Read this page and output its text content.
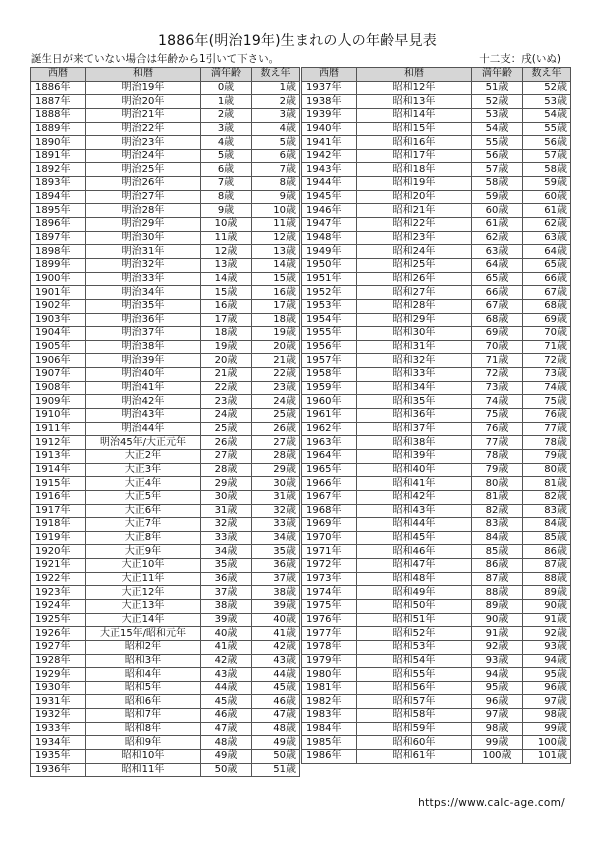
1886年(明治19年)生まれの人の年齢早見表
誕生日が来ていない場合は年齢から1引いて下さい。	十二支：戌(いぬ)
西暦	和暦	満年齢	数え年
1886年	明治19年	0歳	1歳
1887年	明治20年	1歳	2歳
1888年	明治21年	2歳	3歳
1889年	明治22年	3歳	4歳
1890年	明治23年	4歳	5歳
1891年	明治24年	5歳	6歳
1892年	明治25年	6歳	7歳
1893年	明治26年	7歳	8歳
1894年	明治27年	8歳	9歳
1895年	明治28年	9歳	10歳
1896年	明治29年	10歳	11歳
1897年	明治30年	11歳	12歳
1898年	明治31年	12歳	13歳
1899年	明治32年	13歳	14歳
1900年	明治33年	14歳	15歳
1901年	明治34年	15歳	16歳
1902年	明治35年	16歳	17歳
1903年	明治36年	17歳	18歳
1904年	明治37年	18歳	19歳
1905年	明治38年	19歳	20歳
1906年	明治39年	20歳	21歳
1907年	明治40年	21歳	22歳
1908年	明治41年	22歳	23歳
1909年	明治42年	23歳	24歳
1910年	明治43年	24歳	25歳
1911年	明治44年	25歳	26歳
1912年	明治45年/大正元年	26歳	27歳
1913年	大正2年	27歳	28歳
1914年	大正3年	28歳	29歳
1915年	大正4年	29歳	30歳
1916年	大正5年	30歳	31歳
1917年	大正6年	31歳	32歳
1918年	大正7年	32歳	33歳
1919年	大正8年	33歳	34歳
1920年	大正9年	34歳	35歳
1921年	大正10年	35歳	36歳
1922年	大正11年	36歳	37歳
1923年	大正12年	37歳	38歳
1924年	大正13年	38歳	39歳
1925年	大正14年	39歳	40歳
1926年	大正15年/昭和元年	40歳	41歳
1927年	昭和2年	41歳	42歳
1928年	昭和3年	42歳	43歳
1929年	昭和4年	43歳	44歳
1930年	昭和5年	44歳	45歳
1931年	昭和6年	45歳	46歳
1932年	昭和7年	46歳	47歳
1933年	昭和8年	47歳	48歳
1934年	昭和9年	48歳	49歳
1935年	昭和10年	49歳	50歳
1936年	昭和11年	50歳	51歳
西暦	和暦	満年齢	数え年
1937年	昭和12年	51歳	52歳
1938年	昭和13年	52歳	53歳
1939年	昭和14年	53歳	54歳
1940年	昭和15年	54歳	55歳
1941年	昭和16年	55歳	56歳
1942年	昭和17年	56歳	57歳
1943年	昭和18年	57歳	58歳
1944年	昭和19年	58歳	59歳
1945年	昭和20年	59歳	60歳
1946年	昭和21年	60歳	61歳
1947年	昭和22年	61歳	62歳
1948年	昭和23年	62歳	63歳
1949年	昭和24年	63歳	64歳
1950年	昭和25年	64歳	65歳
1951年	昭和26年	65歳	66歳
1952年	昭和27年	66歳	67歳
1953年	昭和28年	67歳	68歳
1954年	昭和29年	68歳	69歳
1955年	昭和30年	69歳	70歳
1956年	昭和31年	70歳	71歳
1957年	昭和32年	71歳	72歳
1958年	昭和33年	72歳	73歳
1959年	昭和34年	73歳	74歳
1960年	昭和35年	74歳	75歳
1961年	昭和36年	75歳	76歳
1962年	昭和37年	76歳	77歳
1963年	昭和38年	77歳	78歳
1964年	昭和39年	78歳	79歳
1965年	昭和40年	79歳	80歳
1966年	昭和41年	80歳	81歳
1967年	昭和42年	81歳	82歳
1968年	昭和43年	82歳	83歳
1969年	昭和44年	83歳	84歳
1970年	昭和45年	84歳	85歳
1971年	昭和46年	85歳	86歳
1972年	昭和47年	86歳	87歳
1973年	昭和48年	87歳	88歳
1974年	昭和49年	88歳	89歳
1975年	昭和50年	89歳	90歳
1976年	昭和51年	90歳	91歳
1977年	昭和52年	91歳	92歳
1978年	昭和53年	92歳	93歳
1979年	昭和54年	93歳	94歳
1980年	昭和55年	94歳	95歳
1981年	昭和56年	95歳	96歳
1982年	昭和57年	96歳	97歳
1983年	昭和58年	97歳	98歳
1984年	昭和59年	98歳	99歳
1985年	昭和60年	99歳	100歳
1986年	昭和61年	100歳	101歳
https://www.calc-age.com/
